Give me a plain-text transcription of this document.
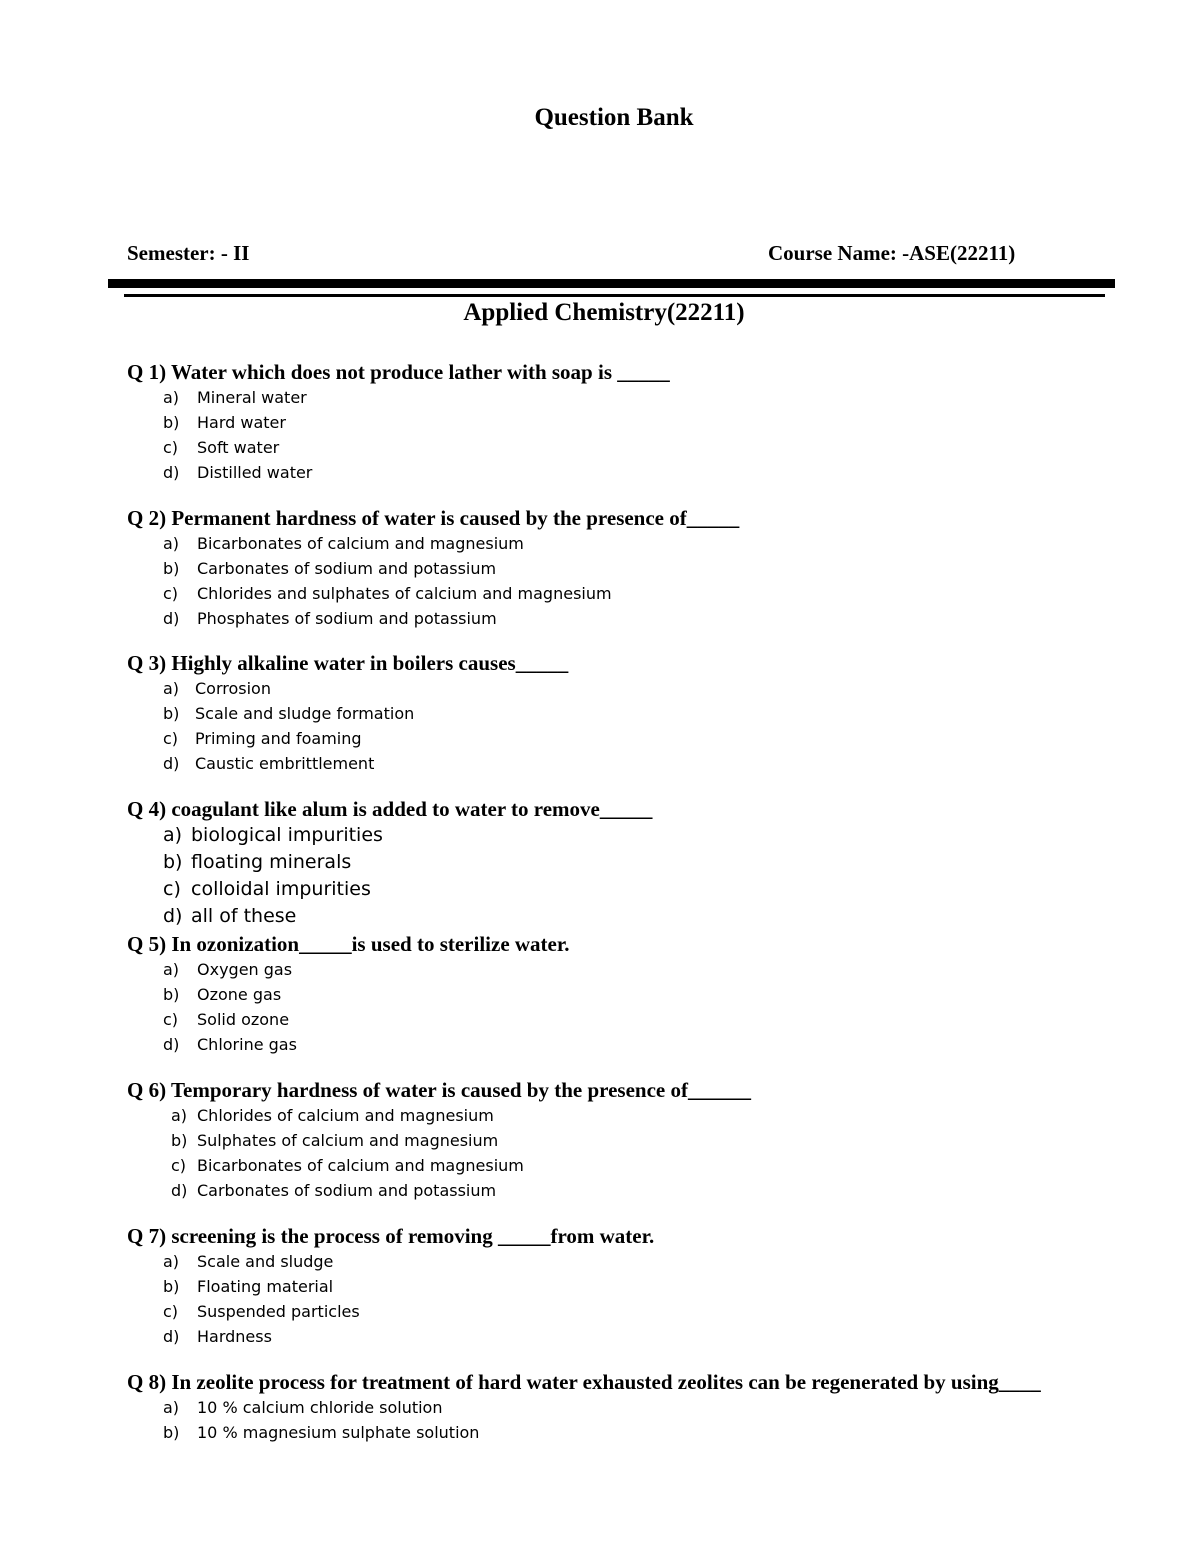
Question Bank
Semester: - II	Course Name: -ASE(22211)
Applied Chemistry(22211)

Q 1) Water which does not produce lather with soap is _____

a) Mineral water
b) Hard water
c) Soft water
d) Distilled water

Q 2) Permanent hardness of water is caused by the presence of_____

a) Bicarbonates of calcium and magnesium
b) Carbonates of sodium and potassium
c) Chlorides and sulphates of calcium and magnesium
d) Phosphates of sodium and potassium

Q 3) Highly alkaline water in boilers causes_____

a) Corrosion
b) Scale and sludge formation
c) Priming and foaming
d) Caustic embrittlement

Q 4) coagulant like alum is added to water to remove_____

a) biological impurities
b) floating minerals
c) colloidal impurities
d) all of these

Q 5) In ozonization_____is used to sterilize water.

a) Oxygen gas
b) Ozone gas
c) Solid ozone
d) Chlorine gas

Q 6) Temporary hardness of water is caused by the presence of______

a) Chlorides of calcium and magnesium
b) Sulphates of calcium and magnesium
c) Bicarbonates of calcium and magnesium
d) Carbonates of sodium and potassium

Q 7) screening is the process of removing _____from water.

a) Scale and sludge
b) Floating material
c) Suspended particles
d) Hardness

Q 8) In zeolite process for treatment of hard water exhausted zeolites can be regenerated by using____

a) 10 % calcium chloride solution
b) 10 % magnesium sulphate solution
